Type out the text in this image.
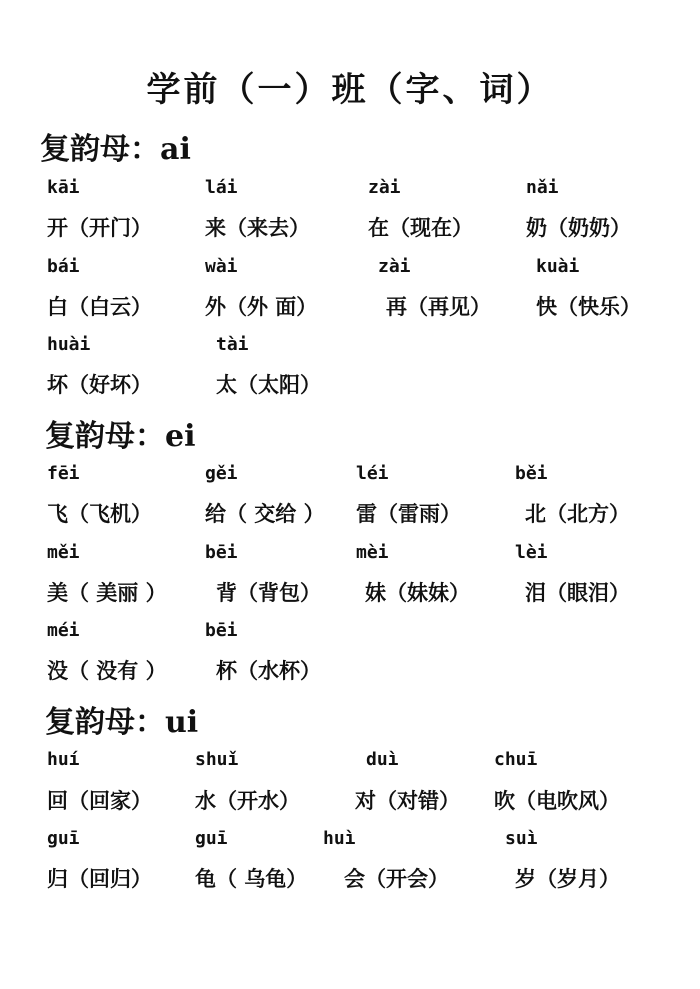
学前（一）班（字、词）
复韵母：ai
kāi	lái	zài	nǎi
开（开门）	来（来去）	在（现在）	奶（奶奶）
bái	wài	zài	kuài
白（白云）	外（外 面）	再（再见） 快（快乐）
huài	tài
坏（好坏）	太（太阳）
复韵母：ei
fēi	gěi	léi	běi
飞（飞机）	给（ 交给 ） 雷（雷雨）	北（北方）
měi	bēi	mèi	lèi
美（ 美丽 ） 背（背包） 妹（妹妹）	泪（眼泪）
méi	bēi
没（ 没有 ） 杯（水杯）
复韵母：ui
huí	shuǐ	duì	chuī
回（回家） 水（开水）	对（对错） 吹（电吹风）
guī	guī	huì	suì
归（回归） 龟（ 乌龟） 会（开会）	岁（岁月）
